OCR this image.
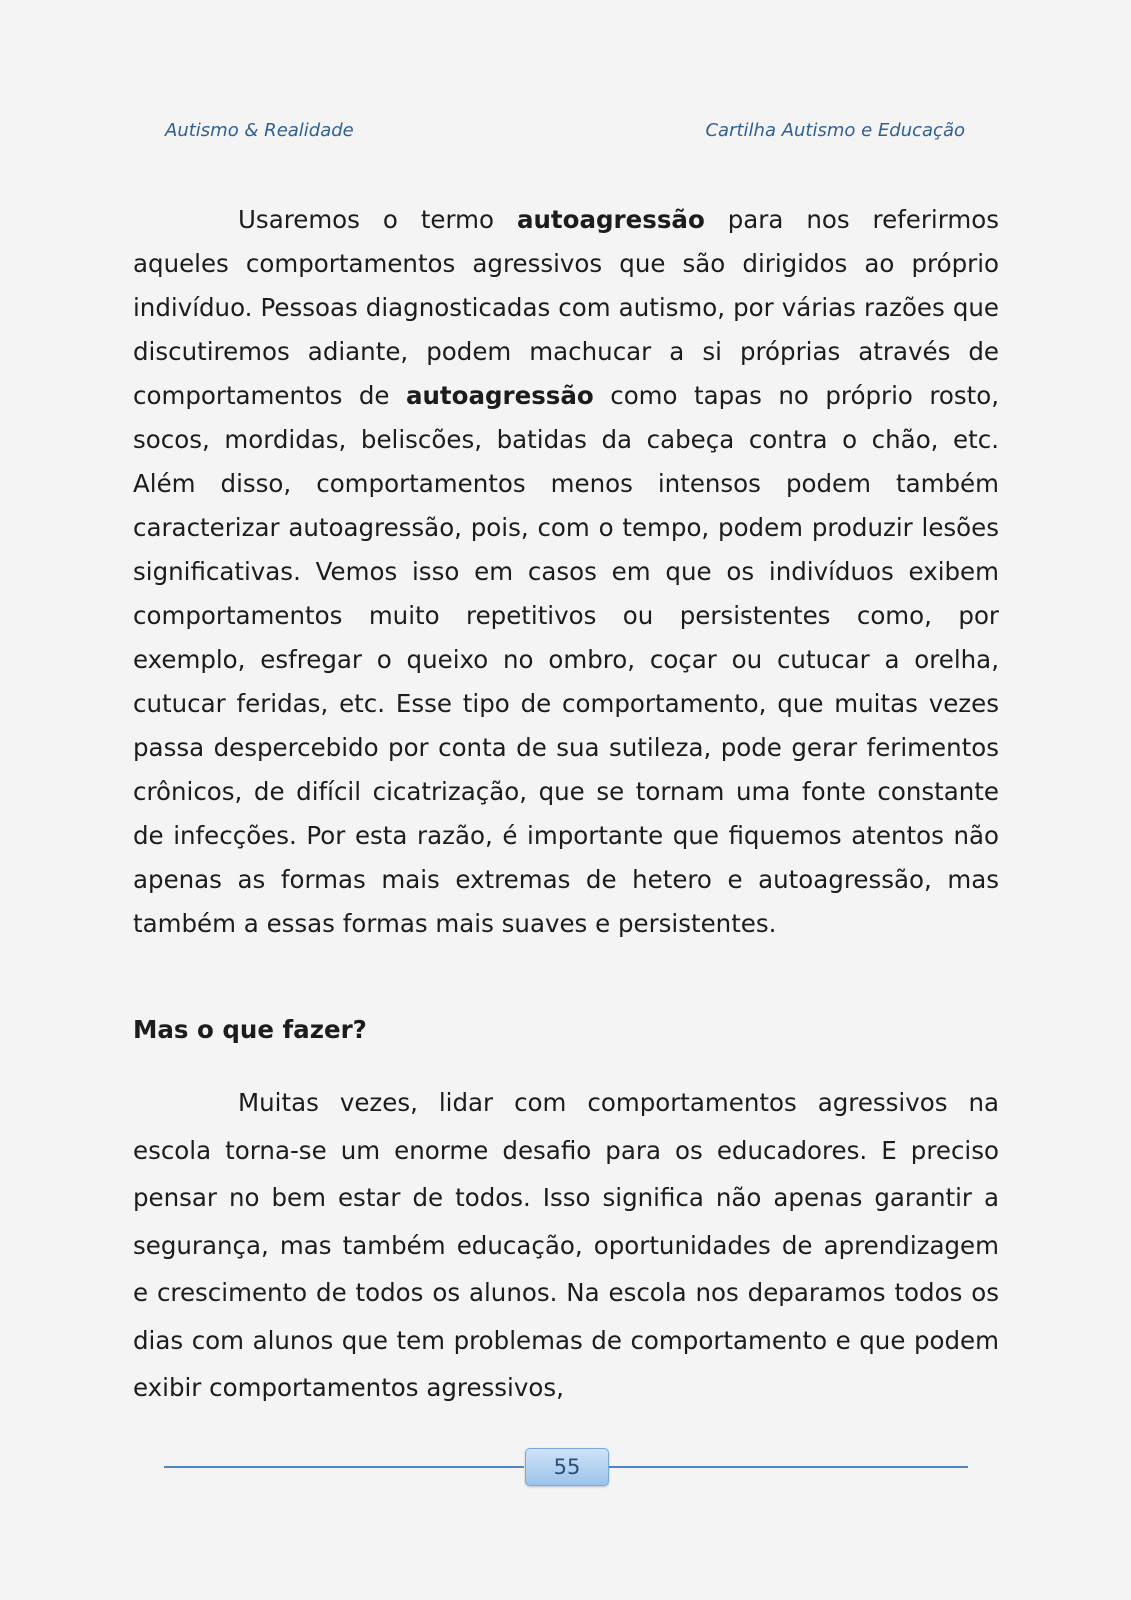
Autismo & Realidade	Cartilha Autismo e Educação

Usaremos o termo autoagressão para nos referirmos aqueles comportamentos agressivos que são dirigidos ao próprio indivíduo. Pessoas diagnosticadas com autismo, por várias razões que discutiremos adiante, podem machucar a si próprias através de comportamentos de autoagressão como tapas no próprio rosto, socos, mordidas, beliscões, batidas da cabeça contra o chão, etc. Além disso, comportamentos menos intensos podem também caracterizar autoagressão, pois, com o tempo, podem produzir lesões significativas. Vemos isso em casos em que os indivíduos exibem comportamentos muito repetitivos ou persistentes como, por exemplo, esfregar o queixo no ombro, coçar ou cutucar a orelha, cutucar feridas, etc. Esse tipo de comportamento, que muitas vezes passa despercebido por conta de sua sutileza, pode gerar ferimentos crônicos, de difícil cicatrização, que se tornam uma fonte constante de infecções. Por esta razão, é importante que fiquemos atentos não apenas as formas mais extremas de hetero e autoagressão, mas também a essas formas mais suaves e persistentes.

Mas o que fazer?

Muitas vezes, lidar com comportamentos agressivos na escola torna-se um enorme desafio para os educadores. E preciso pensar no bem estar de todos. Isso significa não apenas garantir a segurança, mas também educação, oportunidades de aprendizagem e crescimento de todos os alunos. Na escola nos deparamos todos os dias com alunos que tem problemas de comportamento e que podem exibir comportamentos agressivos,

55
